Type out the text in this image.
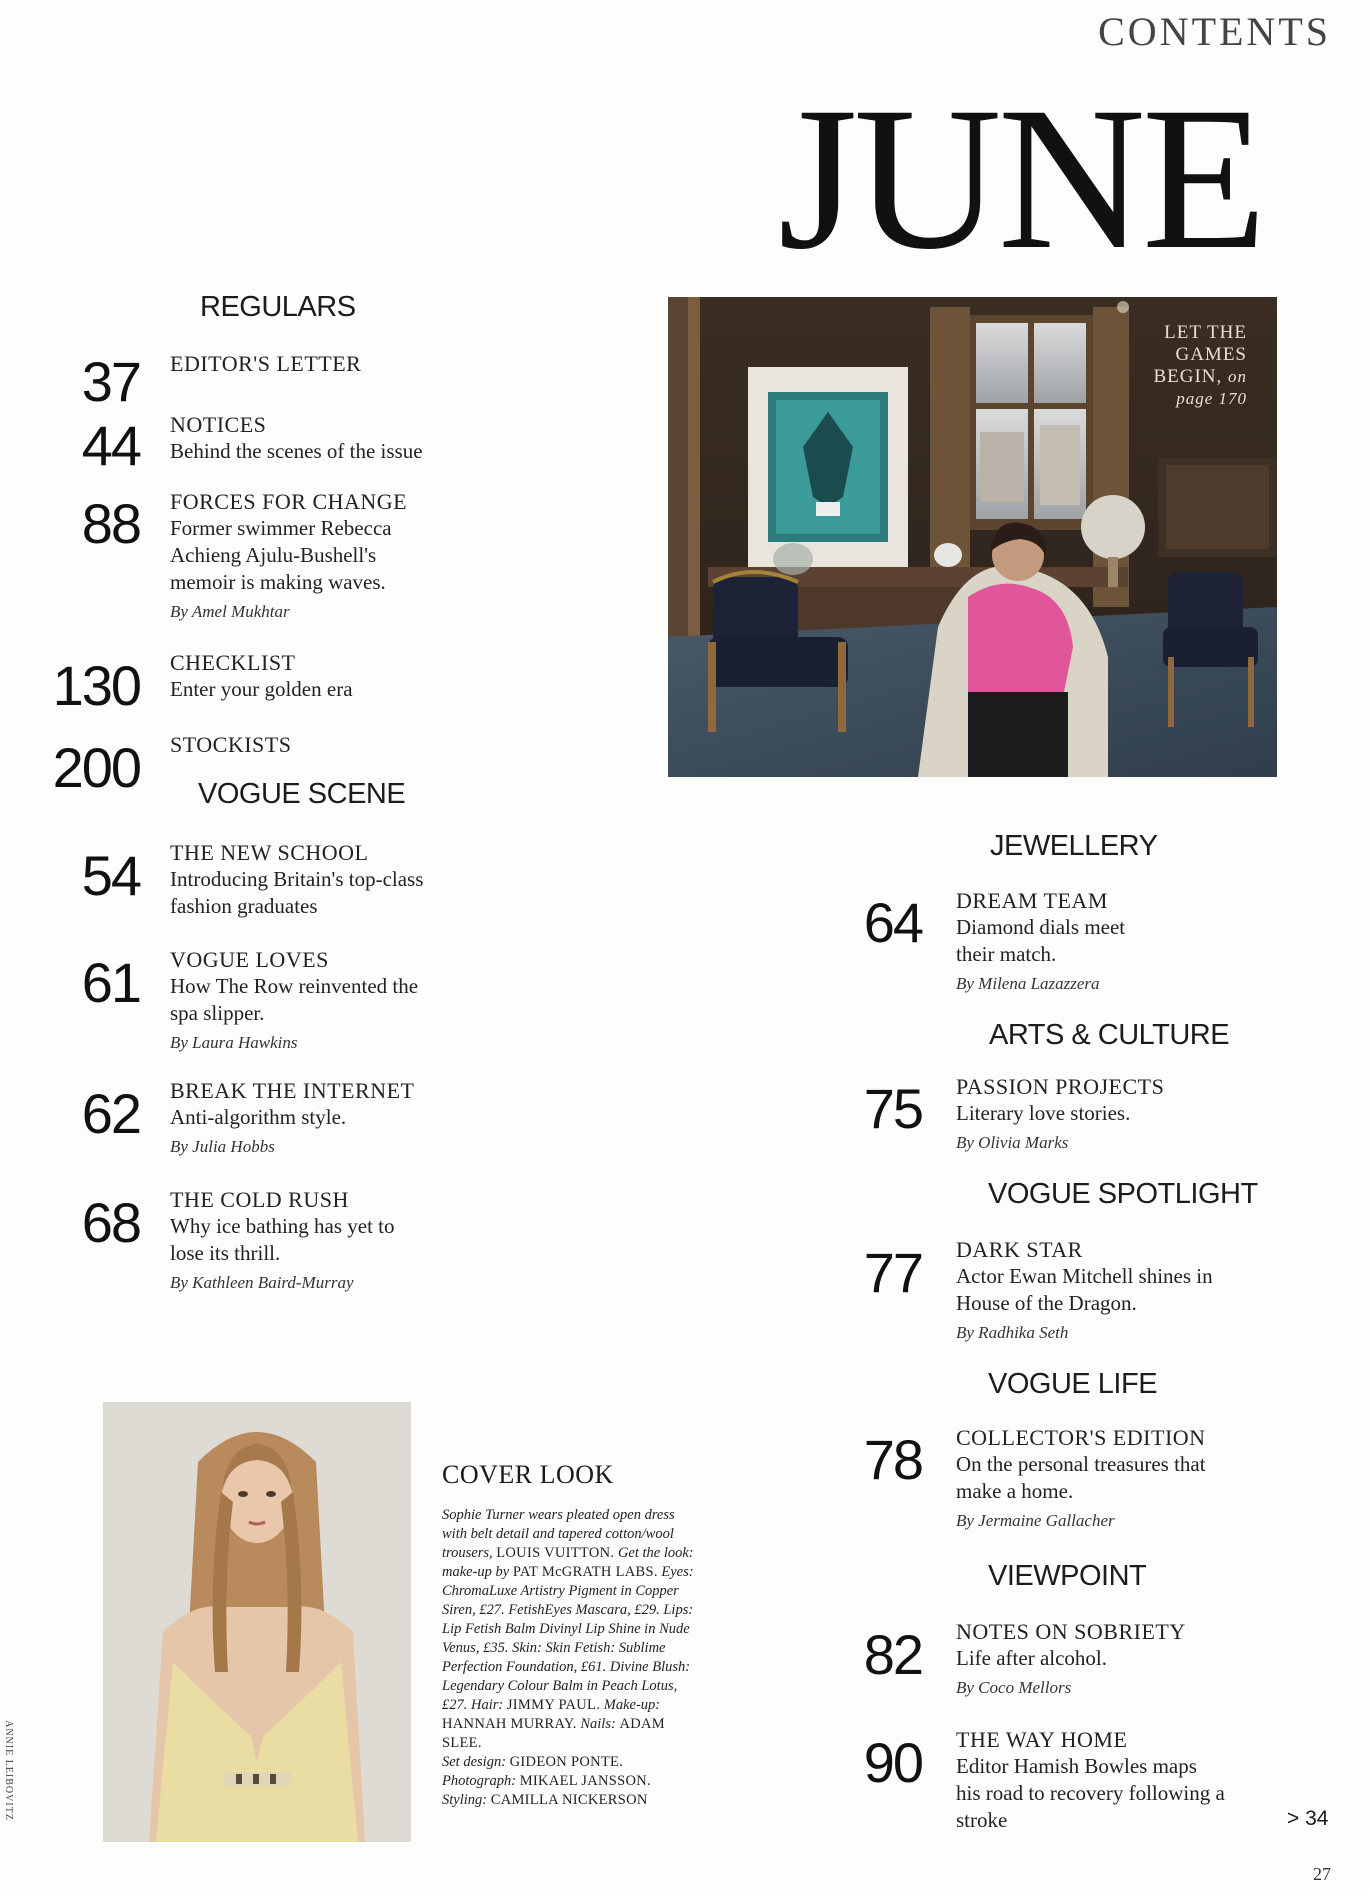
CONTENTS
JUNE
REGULARS
37	EDITOR'S LETTER
44	NOTICES
Behind the scenes of the issue
88	FORCES FOR CHANGE
Former swimmer Rebecca Achieng Ajulu-Bushell's memoir is making waves.
By Amel Mukhtar
130	CHECKLIST
Enter your golden era
200	STOCKISTS
VOGUE SCENE
54	THE NEW SCHOOL
Introducing Britain's top-class fashion graduates
61	VOGUE LOVES
How The Row reinvented the spa slipper.
By Laura Hawkins
62	BREAK THE INTERNET
Anti-algorithm style.
By Julia Hobbs
68	THE COLD RUSH
Why ice bathing has yet to lose its thrill.
By Kathleen Baird-Murray
LET THE
GAMES
BEGIN, on
page 170
JEWELLERY
64	DREAM TEAM
Diamond dials meet their match.
By Milena Lazazzera
ARTS & CULTURE
75	PASSION PROJECTS
Literary love stories.
By Olivia Marks
VOGUE SPOTLIGHT
77	DARK STAR
Actor Ewan Mitchell shines in House of the Dragon.
By Radhika Seth
VOGUE LIFE
78	COLLECTOR'S EDITION
On the personal treasures that make a home.
By Jermaine Gallacher
VIEWPOINT
82	NOTES ON SOBRIETY
Life after alcohol.
By Coco Mellors
90	THE WAY HOME
Editor Hamish Bowles maps his road to recovery following a stroke
COVER LOOK
Sophie Turner wears pleated open dress with belt detail and tapered cotton/wool trousers, LOUIS VUITTON. Get the look: make-up by PAT McGRATH LABS. Eyes: ChromaLuxe Artistry Pigment in Copper Siren, £27. FetishEyes Mascara, £29. Lips: Lip Fetish Balm Divinyl Lip Shine in Nude Venus, £35. Skin: Skin Fetish: Sublime Perfection Foundation, £61. Divine Blush: Legendary Colour Balm in Peach Lotus, £27. Hair: JIMMY PAUL. Make-up: HANNAH MURRAY. Nails: ADAM SLEE.
Set design: GIDEON PONTE.
Photograph: MIKAEL JANSSON.
Styling: CAMILLA NICKERSON
ANNIE LEIBOVITZ	> 34
27
